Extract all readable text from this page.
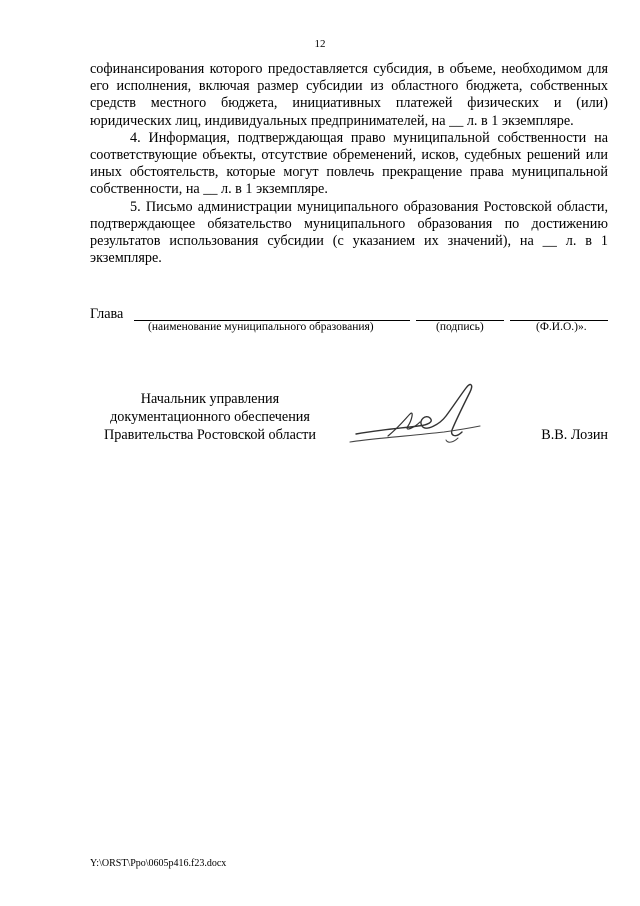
12

софинансирования которого предоставляется субсидия, в объеме, необходимом для его исполнения, включая размер субсидии из областного бюджета, собственных средств местного бюджета, инициативных платежей физических и (или) юридических лиц, индивидуальных предпринимателей, на __ л. в 1 экземпляре.

4. Информация, подтверждающая право муниципальной собственности на соответствующие объекты, отсутствие обременений, исков, судебных решений или иных обстоятельств, которые могут повлечь прекращение права муниципальной собственности, на __ л. в 1 экземпляре.

5. Письмо администрации муниципального образования Ростовской области, подтверждающее обязательство муниципального образования по достижению результатов использования субсидии (с указанием их значений), на __ л. в 1 экземпляре.

Глава
(наименование муниципального образования)	(подпись)	(Ф.И.О.)».
Начальник управления
документационного обеспечения
Правительства Ростовской области	В.В. Лозин
Y:\ORST\Ppo\0605p416.f23.docx
